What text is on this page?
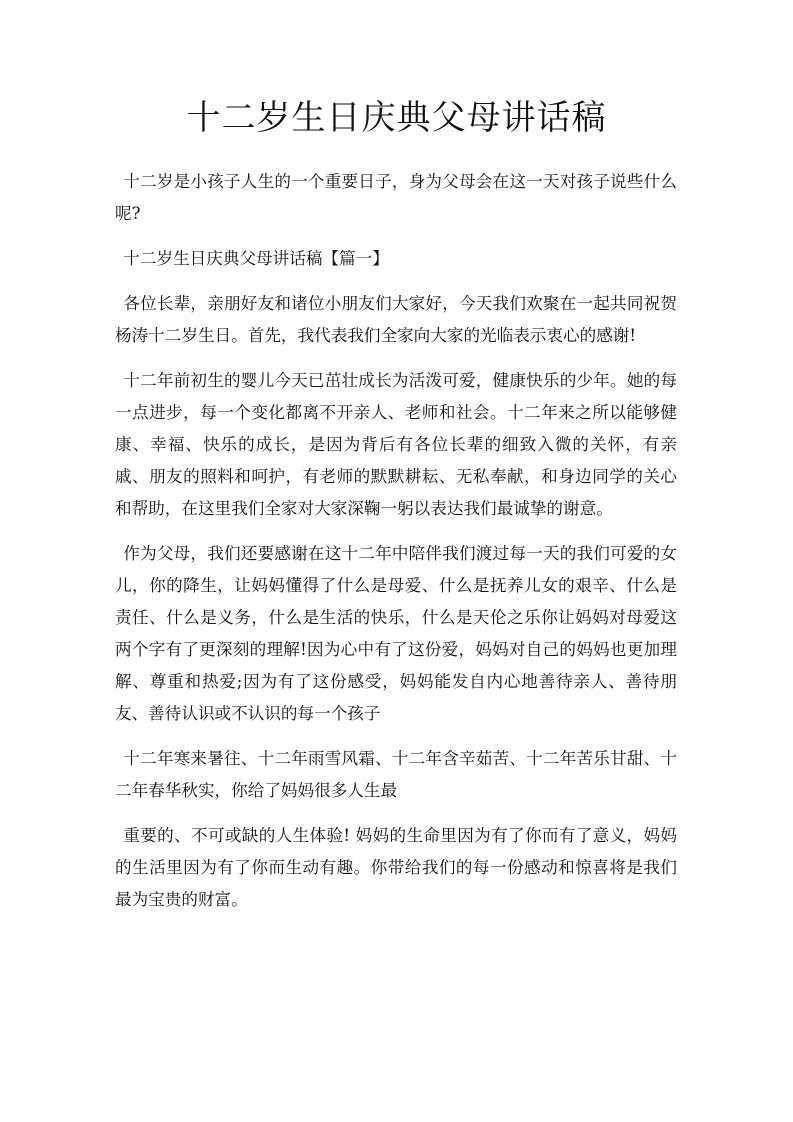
十二岁生日庆典父母讲话稿

十二岁是小孩子人生的一个重要日子，身为父母会在这一天对孩子说些什么呢?

十二岁生日庆典父母讲话稿【篇一】

各位长辈，亲朋好友和诸位小朋友们大家好，今天我们欢聚在一起共同祝贺杨涛十二岁生日。首先，我代表我们全家向大家的光临表示衷心的感谢!

十二年前初生的婴儿今天已茁壮成长为活泼可爱，健康快乐的少年。她的每一点进步，每一个变化都离不开亲人、老师和社会。十二年来之所以能够健康、幸福、快乐的成长，是因为背后有各位长辈的细致入微的关怀，有亲戚、朋友的照料和呵护，有老师的默默耕耘、无私奉献，和身边同学的关心和帮助，在这里我们全家对大家深鞠一躬以表达我们最诚挚的谢意。

作为父母，我们还要感谢在这十二年中陪伴我们渡过每一天的我们可爱的女儿，你的降生，让妈妈懂得了什么是母爱、什么是抚养儿女的艰辛、什么是责任、什么是义务，什么是生活的快乐，什么是天伦之乐你让妈妈对母爱这两个字有了更深刻的理解!因为心中有了这份爱，妈妈对自己的妈妈也更加理解、尊重和热爱;因为有了这份感受，妈妈能发自内心地善待亲人、善待朋友、善待认识或不认识的每一个孩子

十二年寒来暑往、十二年雨雪风霜、十二年含辛茹苦、十二年苦乐甘甜、十二年春华秋实，你给了妈妈很多人生最

重要的、不可或缺的人生体验! 妈妈的生命里因为有了你而有了意义，妈妈的生活里因为有了你而生动有趣。你带给我们的每一份感动和惊喜将是我们最为宝贵的财富。
